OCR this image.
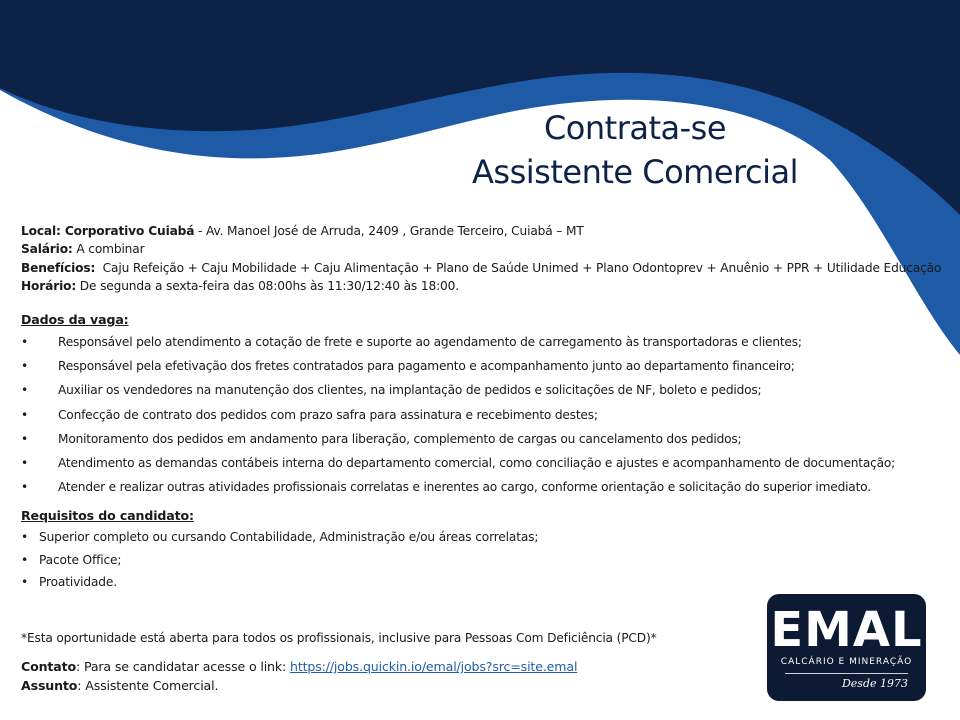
Contrata-se
Assistente Comercial
Local: Corporativo Cuiabá - Av. Manoel José de Arruda, 2409 , Grande Terceiro, Cuiabá – MT
Salário: A combinar
Benefícios:  Caju Refeição + Caju Mobilidade + Caju Alimentação + Plano de Saúde Unimed + Plano Odontoprev + Anuênio + PPR + Utilidade Educação
Horário: De segunda a sexta-feira das 08:00hs às 11:30/12:40 às 18:00.
Dados da vaga:
• Responsável pelo atendimento a cotação de frete e suporte ao agendamento de carregamento às transportadoras e clientes;
• Responsável pela efetivação dos fretes contratados para pagamento e acompanhamento junto ao departamento financeiro;
• Auxiliar os vendedores na manutenção dos clientes, na implantação de pedidos e solicitações de NF, boleto e pedidos;
• Confecção de contrato dos pedidos com prazo safra para assinatura e recebimento destes;
• Monitoramento dos pedidos em andamento para liberação, complemento de cargas ou cancelamento dos pedidos;
• Atendimento as demandas contábeis interna do departamento comercial, como conciliação e ajustes e acompanhamento de documentação;
• Atender e realizar outras atividades profissionais correlatas e inerentes ao cargo, conforme orientação e solicitação do superior imediato.
Requisitos do candidato:
• Superior completo ou cursando Contabilidade, Administração e/ou áreas correlatas;
• Pacote Office;
• Proatividade.
*Esta oportunidade está aberta para todos os profissionais, inclusive para Pessoas Com Deficiência (PCD)*
Contato: Para se candidatar acesse o link: https://jobs.quickin.io/emal/jobs?src=site.emal
Assunto: Assistente Comercial.
EMAL
CALCÁRIO E MINERAÇÃO
Desde 1973
